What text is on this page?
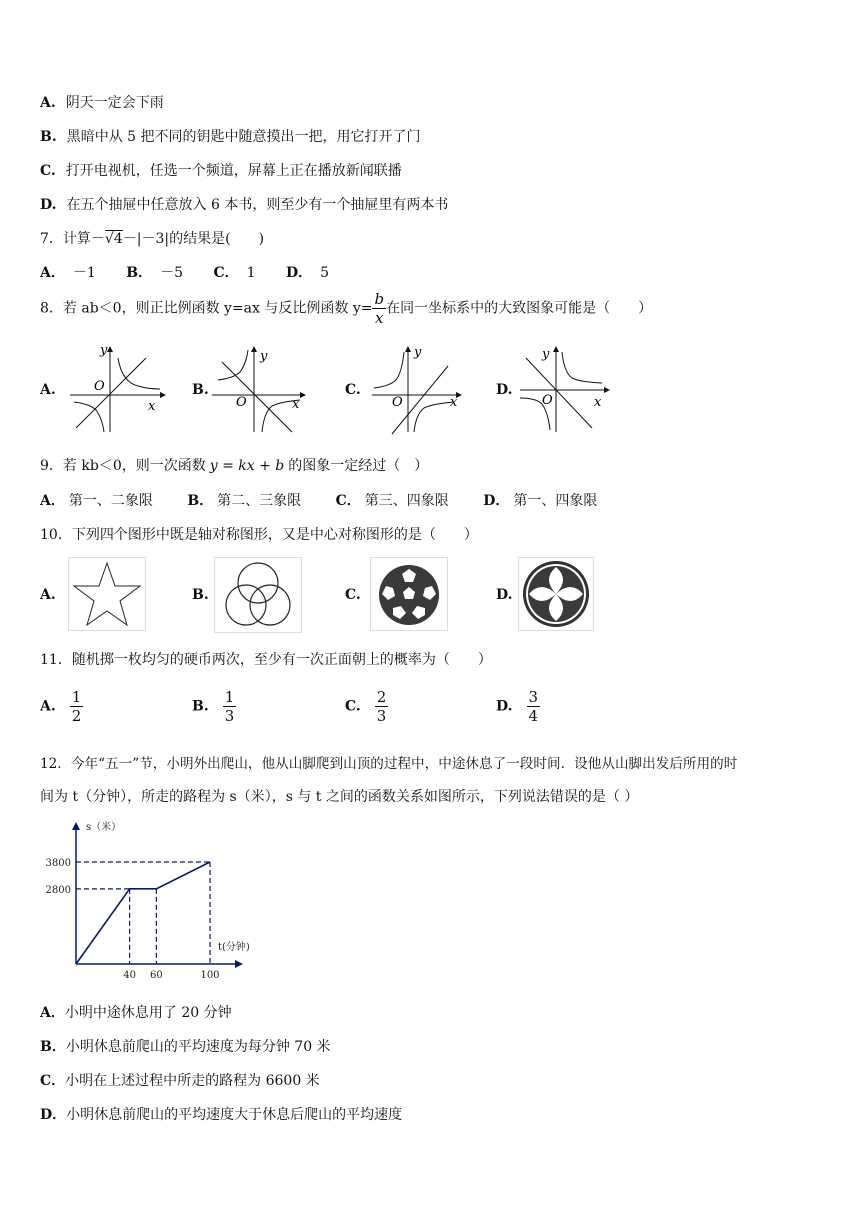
A. 阴天一定会下雨
B. 黑暗中从 5 把不同的钥匙中随意摸出一把，用它打开了门
C. 打开电视机，任选一个频道，屏幕上正在播放新闻联播
D. 在五个抽屉中任意放入 6 本书，则至少有一个抽屉里有两本书
7．计算－√4－|－3|的结果是(　　)
A． －1 B． －5 C． 1 D． 5
8．若 ab＜0，则正比例函数 y=ax 与反比例函数 $y= \frac{b}{x}$ 在同一坐标系中的大致图象可能是（　　）
A.
y
x
O	B.
y
x
O
C.
y
x
O
D.
y
x
O
9．若 kb＜0，则一次函数 y = kx + b 的图象一定经过（　）
A． 第一、二象限 B． 第二、三象限 C． 第三、四象限 D． 第一、四象限
10．下列四个图形中既是轴对称图形，又是中心对称图形的是（　　）
A.	B.	C.	D.
11．随机掷一枚均匀的硬币两次，至少有一次正面朝上的概率为（　　）
A. $\frac{1}{2}$	B. $\frac{1}{3}$	C. $\frac{2}{3}$	D. $\frac{3}{4}$
12．今年“五一”节，小明外出爬山，他从山脚爬到山顶的过程中，中途休息了一段时间．设他从山脚出发后所用的时
间为 t（分钟），所走的路程为 s（米），s 与 t 之间的函数关系如图所示，下列说法错误的是（ ）
s（米）
t(分钟)
40 60	100
2800
3800
A．小明中途休息用了 20 分钟
B．小明休息前爬山的平均速度为每分钟 70 米
C．小明在上述过程中所走的路程为 6600 米
D．小明休息前爬山的平均速度大于休息后爬山的平均速度
